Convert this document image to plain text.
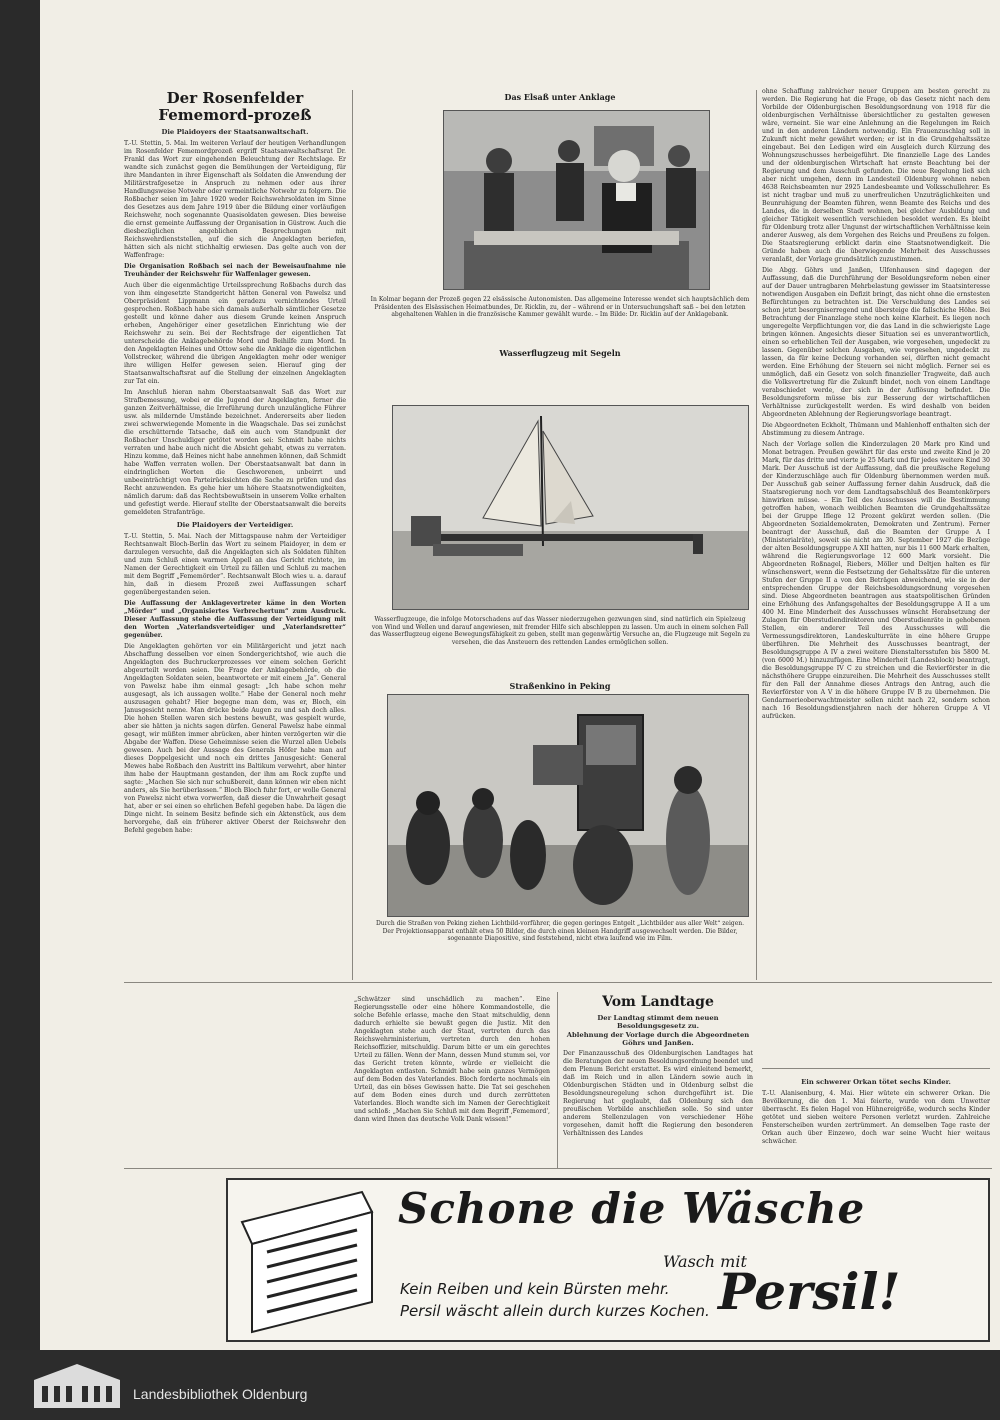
Der Rosenfelder Fememord-prozeß
Die Plaidoyers der Staatsanwaltschaft.

T.-U. Stettin, 5. Mai. Im weiteren Verlauf der heutigen Verhandlungen im Rosenfelder Fememordprozeß ergriff Staatsanwaltschaftsrat Dr. Frankl das Wort zur eingehenden Beleuchtung der Rechtslage. Er wandte sich zunächst gegen die Bemühungen der Verteidigung, für ihre Mandanten in ihrer Eigenschaft als Soldaten die Anwendung der Militärstrafgesetze in Anspruch zu nehmen oder aus ihrer Handlungsweise Notwehr oder vermeintliche Notwehr zu folgern. Die Roßbacher seien im Jahre 1920 weder Reichswehrsoldaten im Sinne des Gesetzes aus dem Jahre 1919 über die Bildung einer vorläufigen Reichswehr, noch sogenannte Quasisoldaten gewesen. Dies beweise die ernst gemeinte Auffassung der Organisation in Güstrow. Auch die diesbezüglichen angeblichen Besprechungen mit Reichswehrdienststellen, auf die sich die Angeklagten beriefen, hätten sich als nicht stichhaltig erwiesen. Das gelte auch von der Waffenfrage:

Die Organisation Roßbach sei nach der Beweisaufnahme nie Treuhänder der Reichswehr für Waffenlager gewesen.

Auch über die eigenmächtige Urteilssprechung Roßbachs durch das von ihm eingesetzte Standgericht hätten General von Pawelsz und Oberpräsident Lippmann ein geradezu vernichtendes Urteil gesprochen. Roßbach habe sich damals außerhalb sämtlicher Gesetze gestellt und könne daher aus diesem Grunde keinen Anspruch erheben, Angehöriger einer gesetzlichen Einrichtung wie der Reichswehr zu sein. Bei der Rechtsfrage der eigentlichen Tat unterscheide die Anklagebehörde Mord und Beihilfe zum Mord. In den Angeklagten Heines und Ottow sehe die Anklage die eigentlichen Vollstrecker, während die übrigen Angeklagten mehr oder weniger ihre willigen Helfer gewesen seien. Hierauf ging der Staatsanwaltschaftsrat auf die Stellung der einzelnen Angeklagten zur Tat ein.

Im Anschluß hieran nahm Oberstaatsanwalt Saß das Wort zur Strafbemessung, wobei er die Jugend der Angeklagten, ferner die ganzen Zeitverhältnisse, die Irreführung durch unzulängliche Führer usw. als mildernde Umstände bezeichnet. Andererseits aber lieden zwei schwerwiegende Momente in die Waagschale. Das sei zunächst die erschütternde Tatsache, daß ein auch vom Standpunkt der Roßbacher Unschuldiger getötet worden sei: Schmidt habe nichts verraten und habe auch nicht die Absicht gehabt, etwas zu verraten. Hinzu komme, daß Heines nicht habe annehmen können, daß Schmidt habe Waffen verraten wollen. Der Oberstaatsanwalt bat dann in eindringlichen Worten die Geschworenen, unbeirrt und unbeeinträchtigt von Parteirücksichten die Sache zu prüfen und das Recht anzuwenden. Es gehe hier um höhere Staatsnotwendigkeiten, nämlich darum: daß das Rechtsbewußtsein in unserem Volke erhalten und gefestigt werde. Hierauf stellte der Oberstaatsanwalt die bereits gemeldeten Strafanträge.

Die Plaidoyers der Verteidiger.

T.-U. Stettin, 5. Mai. Nach der Mittagspause nahm der Verteidiger Rechtsanwalt Bloch-Berlin das Wort zu seinem Plaidoyer, in dem er darzulegen versuchte, daß die Angeklagten sich als Soldaten fühlten und zum Schluß einen warmen Appell an das Gericht richtete, im Namen der Gerechtigkeit ein Urteil zu fällen und Schluß zu machen mit dem Begriff „Fememörder“. Rechtsanwalt Bloch wies u. a. darauf hin, daß in diesem Prozeß zwei Auffassungen scharf gegenübergestanden seien.

Die Auffassung der Anklagevertreter käme in den Worten „Mörder“ und „Organisiertes Verbrechertum“ zum Ausdruck. Dieser Auffassung stehe die Auffassung der Verteidigung mit den Worten „Vaterlandsverteidiger und „Vaterlandsretter“ gegenüber.

Die Angeklagten gehörten vor ein Militärgericht und jetzt nach Abschaffung desselben vor einen Sondergerichtshof, wie auch die Angeklagten des Buchruckerprozesses vor einem solchen Gericht abgeurteilt worden seien. Die Frage der Anklagebehörde, ob die Angeklagten Soldaten seien, beantwortete er mit einem „Ja“. General von Pawelsz habe ihm einmal gesagt: „Ich habe schon mehr ausgesagt, als ich aussagen wollte.“ Habe der General noch mehr auszusagen gehabt? Hier begegne man dem, was er, Bloch, ein Janusgesicht nenne. Man drücke beide Augen zu und sah doch alles. Die hohen Stellen waren sich bestens bewußt, was gespielt wurde, aber sie hätten ja nichts sagen dürfen. General Pawelsz habe einmal gesagt, wir müßten immer abrücken, aber hinten verzögerten wir die Abgabe der Waffen. Diese Geheimnisse seien die Wurzel allen Uebels gewesen. Auch bei der Aussage des Generals Höfer habe man auf dieses Doppelgesicht und noch ein drittes Janusgesicht: General Mewes habe Roßbach den Austritt ins Baltikum verwehrt, aber hinter ihm habe der Hauptmann gestanden, der ihm am Rock zupfte und sagte: „Machen Sie sich nur schußbereit, dann können wir eben nicht anders, als Sie herüberlassen.“ Bloch Bloch fuhr fort, er wolle General von Pawelsz nicht etwa vorwerfen, daß dieser die Unwahrheit gesagt hat, aber er sei einen so ehrlichen Befehl gegeben habe. Da lägen die Dinge nicht. In seinem Besitz befinde sich ein Aktenstück, aus dem hervorgehe, daß ein früherer aktiver Oberst der Reichswehr den Befehl gegeben habe:

Das Elsaß unter Anklage
In Kolmar begann der Prozeß gegen 22 elsässische Autonomisten. Das allgemeine Interesse wendet sich hauptsächlich dem Präsidenten des Elsässischen Heimatbundes, Dr. Ricklin, zu, der – während er in Untersuchungshaft saß – bei den letzten abgehaltenen Wahlen in die französische Kammer gewählt wurde. – Im Bilde: Dr. Ricklin auf der Anklagebank.
Wasserflugzeug mit Segeln
Wasserflugzeuge, die infolge Motorschadens auf das Wasser niederzugehen gezwungen sind, sind natürlich ein Spielzeug von Wind und Wellen und darauf angewiesen, mit fremder Hilfe sich abschleppen zu lassen. Um auch in einem solchen Fall das Wasserflugzeug eigene Bewegungsfähigkeit zu geben, stellt man gegenwärtig Versuche an, die Flugzeuge mit Segeln zu versehen, die das Ansteuern des rettenden Landes ermöglichen sollen.
Straßenkino in Peking
Durch die Straßen von Peking ziehen Lichtbild-vorführer, die gegen geringes Entgelt „Lichtbilder aus aller Welt“ zeigen. Der Projektionsapparat enthält etwa 50 Bilder, die durch einen kleinen Handgriff ausgewechselt werden. Die Bilder, sogenannte Diapositive, sind feststehend, nicht etwa laufend wie im Film.
„Schwätzer sind unschädlich zu machen“. Eine Regierungsstelle oder eine höhere Kommandostelle, die solche Befehle erlasse, mache den Staat mitschuldig, denn dadurch erhielte sie bewußt gegen die Justiz. Mit den Angeklagten stehe auch der Staat, vertreten durch das Reichswehrministerium, vertreten durch den hohen Reichsoffizier, mitschuldig. Darum bitte er um ein gerechtes Urteil zu fällen. Wenn der Mann, dessen Mund stumm sei, vor das Gericht treten könnte, würde er vielleicht die Angeklagten entlasten. Schmidt habe sein ganzes Vermögen auf dem Boden des Vaterlandes. Bloch forderte nochmals ein Urteil, das ein böses Gewissen hatte. Die Tat sei geschehen auf dem Boden eines durch und durch zerrütteten Vaterlandes. Bloch wandte sich im Namen der Gerechtigkeit und schloß: „Machen Sie Schluß mit dem Begriff ,Fememord', dann wird Ihnen das deutsche Volk Dank wissen!“
Vom Landtage
Der Landtag stimmt dem neuen Besoldungsgesetz zu.
Ablehnung der Vorlage durch die Abgeordneten Göhrs und Janßen.
Der Finanzausschuß des Oldenburgischen Landtages hat die Beratungen der neuen Besoldungsordnung beendet und dem Plenum Bericht erstattet. Es wird einleitend bemerkt, daß im Reich und in allen Ländern sowie auch in Oldenburgischen Städten und in Oldenburg selbst die Besoldungsneuregelung schon durchgeführt ist. Die Regierung hat geglaubt, daß Oldenburg sich den preußischen Vorbilde anschließen solle. So sind unter anderem Stellenzulagen von verschiedener Höhe vorgesehen, damit hofft die Regierung den besonderen Verhältnissen des Landes

ohne Schaffung zahlreicher neuer Gruppen am besten gerecht zu werden. Die Regierung hat die Frage, ob das Gesetz nicht nach dem Vorbilde der Oldenburgischen Besoldungsordnung von 1918 für die oldenburgischen Verhältnisse übersichtlicher zu gestalten gewesen wäre, verneint. Sie war eine Anlehnung an die Regelungen im Reich und in den anderen Ländern notwendig. Ein Frauenzuschlag soll in Zukunft nicht mehr gewährt werden; er ist in die Grundgehaltssätze eingebaut. Bei den Ledigen wird ein Ausgleich durch Kürzung des Wohnungszuschusses herbeigeführt. Die finanzielle Lage des Landes und der oldenburgischen Wirtschaft hat ernste Beachtung bei der Regierung und dem Ausschuß gefunden. Die neue Regelung ließ sich aber nicht umgehen, denn im Landesteil Oldenburg wohnen neben 4638 Reichsbeamten nur 2925 Landesbeamte und Volksschullehrer. Es ist nicht tragbar und muß zu unerfreulichen Unzuträglichkeiten und Beunruhigung der Beamten führen, wenn Beamte des Reichs und des Landes, die in derselben Stadt wohnen, bei gleicher Ausbildung und gleicher Tätigkeit wesentlich verschieden besoldet werden. Es bleibt für Oldenburg trotz aller Ungunst der wirtschaftlichen Verhältnisse kein anderer Ausweg, als dem Vorgehen des Reichs und Preußens zu folgen. Die Staatsregierung erblickt darin eine Staatsnotwendigkeit. Die Gründe haben auch die überwiegende Mehrheit des Ausschusses veranlaßt, der Vorlage grundsätzlich zuzustimmen.

Die Abgg. Göhrs und Janßen, Ulfenhausen sind dagegen der Auffassung, daß die Durchführung der Besoldungsreform neben einer auf der Dauer untragbaren Mehrbelastung gewisser im Staatsinteresse notwendigen Ausgaben ein Defizit bringt, das nicht ohne die ernstesten Befürchtungen zu betrachten ist. Die Verschuldung des Landes sei schon jetzt besorgniserregend und übersteige die fallschiche Höhe. Bei Betrachtung der Finanzlage stehe noch keine Klarheit. Es liegen noch ungeregelte Verpflichtungen vor, die das Land in die schwierigste Lage bringen können. Angesichts dieser Situation sei es unverantwortlich, einen so erheblichen Teil der Ausgaben, wie vorgesehen, ungedeckt zu lassen. Gegenüber solchen Ausgaben, wie vorgesehen, ungedeckt zu lassen, da für keine Deckung vorhanden sei, dürften nicht gemacht werden. Eine Erhöhung der Steuern sei nicht möglich. Ferner sei es unmöglich, daß ein Gesetz von solch finanzieller Tragweite, daß auch die Volksvertretung für die Zukunft bindet, noch von einem Landtage verabschiedet werde, der sich in der Auflösung befindet. Die Besoldungsreform müsse bis zur Besserung der wirtschaftlichen Verhältnisse zurückgestellt werden. Es wird deshalb von beiden Abgeordneten Ablehnung der Regierungsvorlage beantragt.

Die Abgeordneten Eckholt, Thümann und Mahlenhoff enthalten sich der Abstimmung zu diesem Antrage.

Nach der Vorlage sollen die Kinderzulagen 20 Mark pro Kind und Monat betragen. Preußen gewährt für das erste und zweite Kind je 20 Mark, für das dritte und vierte je 25 Mark und für jedes weitere Kind 30 Mark. Der Ausschuß ist der Auffassung, daß die preußische Regelung der Kinderzuschläge auch für Oldenburg übernommen werden muß. Der Ausschuß gab seiner Auffassung ferner dahin Ausdruck, daß die Staatsregierung noch vor dem Landtagsabschluß des Beamtenkörpers hinwirken müsse. – Ein Teil des Ausschusses will die Bestimmung getroffen haben, wonach weiblichen Beamten die Grundgehaltssätze bei der Gruppe Iflege 12 Prozent gekürzt werden sollen. (Die Abgeordneten Sozialdemokraten, Demokraten und Zentrum). Ferner beantragt der Ausschuß, daß die Beamten der Gruppe A I (Ministerialräte), soweit sie nicht am 30. September 1927 die Bezüge der alten Besoldungsgruppe A XII hatten, nur bis 11 600 Mark erhalten, während die Regierungsvorlage 12 600 Mark vorsieht. Die Abgeordneten Roßnagel, Riebers, Möller und Deltjen halten es für wünschenswert, wenn die Festsetzung der Gehaltssätze für die unteren Stufen der Gruppe II a von den Beträgen abweichend, wie sie in der entsprechenden Gruppe der Reichsbesoldungsordnung vorgesehen sind. Diese Abgeordneten beantragen aus staatspolitischen Gründen eine Erhöhung des Anfangsgehaltes der Besoldungsgruppe A II a um 400 M. Eine Minderheit des Ausschusses wünscht Herabsetzung der Zulagen für Oberstudiendirektoren und Oberstudienräte in gehobenen Stellen, ein anderer Teil des Ausschusses will die Vermessungsdirektoren, Landeskulturräte in eine höhere Gruppe überführen. Die Mehrheit des Ausschusses beantragt, der Besoldungsgruppe A IV a zwei weitere Dienstaltersstufen bis 5800 M. (von 6000 M.) hinzuzufügen. Eine Minderheit (Landesblock) beantragt, die Besoldungsgruppe IV C zu streichen und die Revierförster in die nächsthöhere Gruppe einzureihen. Die Mehrheit des Ausschusses stellt für den Fall der Annahme dieses Antrags den Antrag, auch die Revierförster von A V in die höhere Gruppe IV B zu übernehmen. Die Gendarmerieoberwachtmeister sollen nicht nach 22, sondern schon nach 16 Besoldungsdienstjahren nach der höheren Gruppe A VI aufrücken.

Ein schwerer Orkan tötet sechs Kinder.
T.-U. Alanisenburg, 4. Mai. Hier wütete ein schwerer Orkan. Die Bevölkerung, die den 1. Mai feierte, wurde von dem Unwetter überrascht. Es fielen Hagel von Hühnereigröße, wodurch sechs Kinder getötet und sieben weitere Personen verletzt wurden. Zahlreiche Fensterscheiben wurden zertrümmert. An demselben Tage raste der Orkan auch über Einzewo, doch war seine Wucht hier weitaus schwächer.
Schone die Wäsche
Wasch mit
Persil!
Kein Reiben und kein Bürsten mehr.
Persil wäscht allein durch kurzes Kochen.
Landesbibliothek Oldenburg
